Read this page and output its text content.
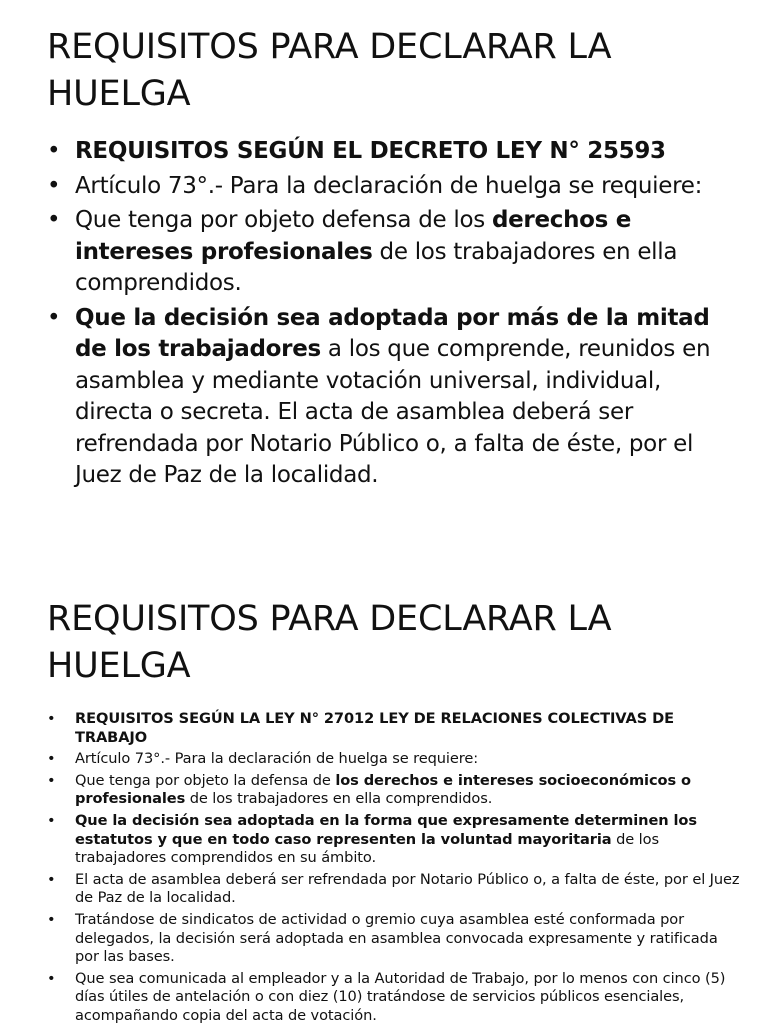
REQUISITOS PARA DECLARAR LA HUELGA
• REQUISITOS SEGÚN EL DECRETO LEY N° 25593
• Artículo 73°.- Para la declaración de huelga se requiere:
• Que tenga por objeto defensa de los derechos e intereses profesionales de los trabajadores en ella comprendidos.
• Que la decisión sea adoptada por más de la mitad de los trabajadores a los que comprende, reunidos en asamblea y mediante votación universal, individual, directa o secreta. El acta de asamblea deberá ser refrendada por Notario Público o, a falta de éste, por el Juez de Paz de la localidad.
REQUISITOS PARA DECLARAR LA HUELGA
• REQUISITOS SEGÚN LA LEY N° 27012 LEY DE RELACIONES COLECTIVAS DE TRABAJO
• Artículo 73°.- Para la declaración de huelga se requiere:
• Que tenga por objeto la defensa de los derechos e intereses socioeconómicos o profesionales de los trabajadores en ella comprendidos.
• Que la decisión sea adoptada en la forma que expresamente determinen los estatutos y que en todo caso representen la voluntad mayoritaria de los trabajadores comprendidos en su ámbito.
• El acta de asamblea deberá ser refrendada por Notario Público o, a falta de éste, por el Juez de Paz de la localidad.
• Tratándose de sindicatos de actividad o gremio cuya asamblea esté conformada por delegados, la decisión será adoptada en asamblea convocada expresamente y ratificada por las bases.
• Que sea comunicada al empleador y a la Autoridad de Trabajo, por lo menos con cinco (5) días útiles de antelación o con diez (10) tratándose de servicios públicos esenciales, acompañando copia del acta de votación.
